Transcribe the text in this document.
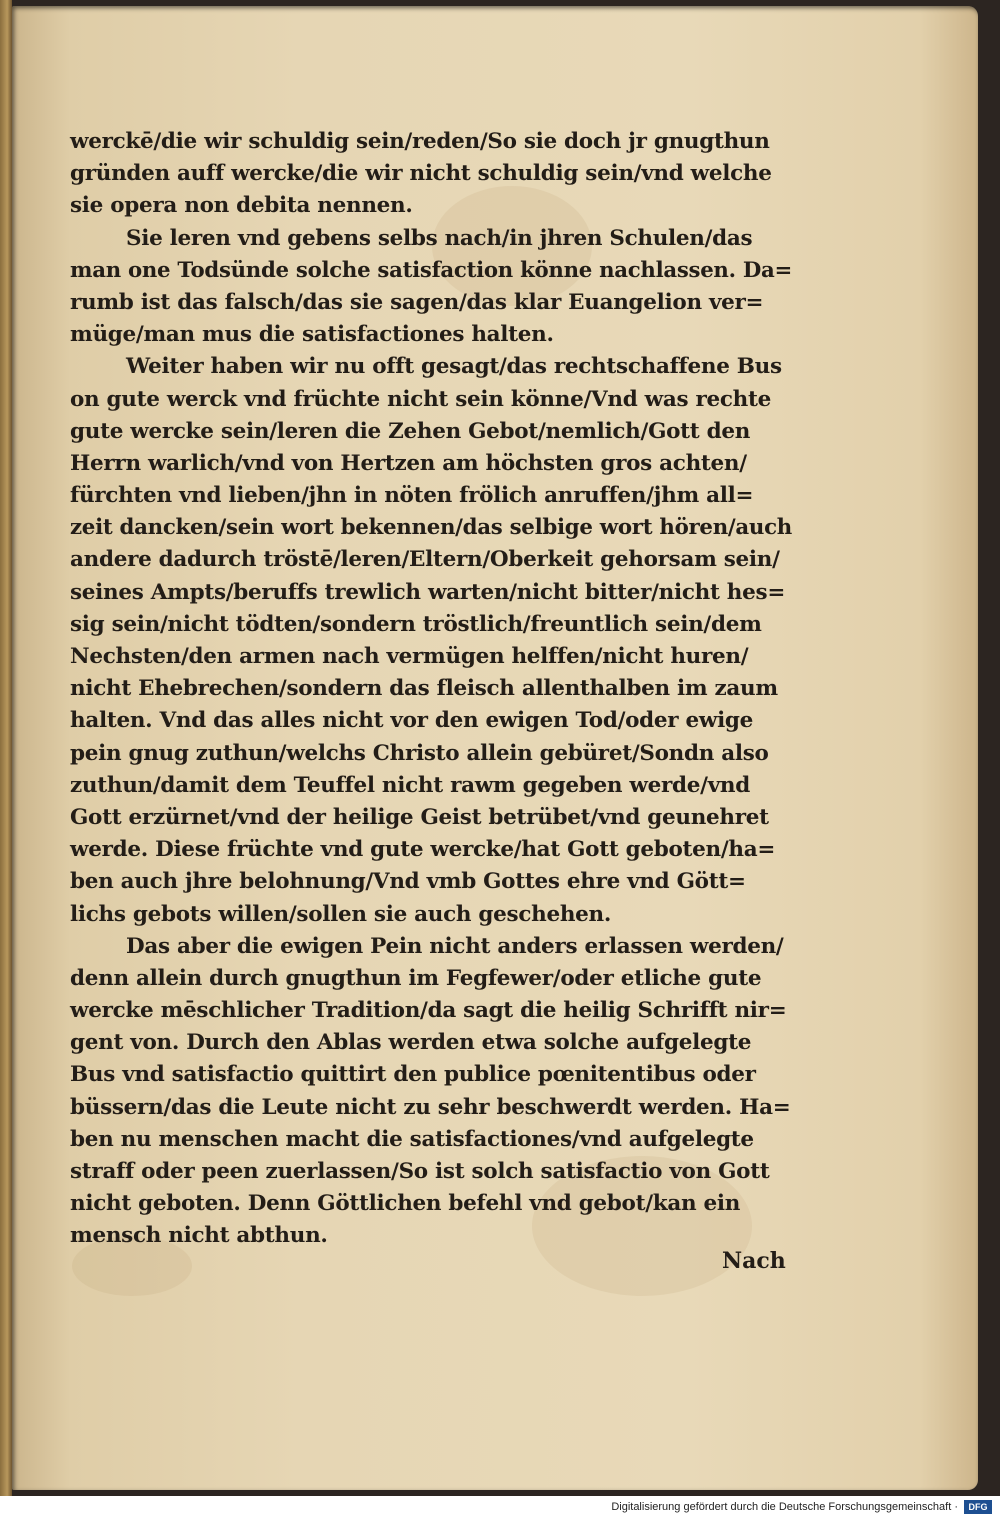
werckē/die wir schuldig sein/reden/So sie doch jr gnugthun
gründen auff wercke/die wir nicht schuldig sein/vnd welche
sie opera non debita nennen.
Sie leren vnd gebens selbs nach/in jhren Schulen/das
man one Todsünde solche satisfaction könne nachlassen. Da=
rumb ist das falsch/das sie sagen/das klar Euangelion ver=
müge/man mus die satisfactiones halten.
Weiter haben wir nu offt gesagt/das rechtschaffene Bus
on gute werck vnd früchte nicht sein könne/Vnd was rechte
gute wercke sein/leren die Zehen Gebot/nemlich/Gott den
Herrn warlich/vnd von Hertzen am höchsten gros achten/
fürchten vnd lieben/jhn in nöten frölich anruffen/jhm all=
zeit dancken/sein wort bekennen/das selbige wort hören/auch
andere dadurch tröstē/leren/Eltern/Oberkeit gehorsam sein/
seines Ampts/beruffs trewlich warten/nicht bitter/nicht hes=
sig sein/nicht tödten/sondern tröstlich/freuntlich sein/dem
Nechsten/den armen nach vermügen helffen/nicht huren/
nicht Ehebrechen/sondern das fleisch allenthalben im zaum
halten. Vnd das alles nicht vor den ewigen Tod/oder ewige
pein gnug zuthun/welchs Christo allein gebüret/Sondn also
zuthun/damit dem Teuffel nicht rawm gegeben werde/vnd
Gott erzürnet/vnd der heilige Geist betrübet/vnd geunehret
werde. Diese früchte vnd gute wercke/hat Gott geboten/ha=
ben auch jhre belohnung/Vnd vmb Gottes ehre vnd Gött=
lichs gebots willen/sollen sie auch geschehen.
Das aber die ewigen Pein nicht anders erlassen werden/
denn allein durch gnugthun im Fegfewer/oder etliche gute
wercke mēschlicher Tradition/da sagt die heilig Schrifft nir=
gent von. Durch den Ablas werden etwa solche aufgelegte
Bus vnd satisfactio quittirt den publice pœnitentibus oder
büssern/das die Leute nicht zu sehr beschwerdt werden. Ha=
ben nu menschen macht die satisfactiones/vnd aufgelegte
straff oder peen zuerlassen/So ist solch satisfactio von Gott
nicht geboten. Denn Göttlichen befehl vnd gebot/kan ein
mensch nicht abthun.
Nach
Digitalisierung gefördert durch die Deutsche Forschungsgemeinschaft ·	DFG
